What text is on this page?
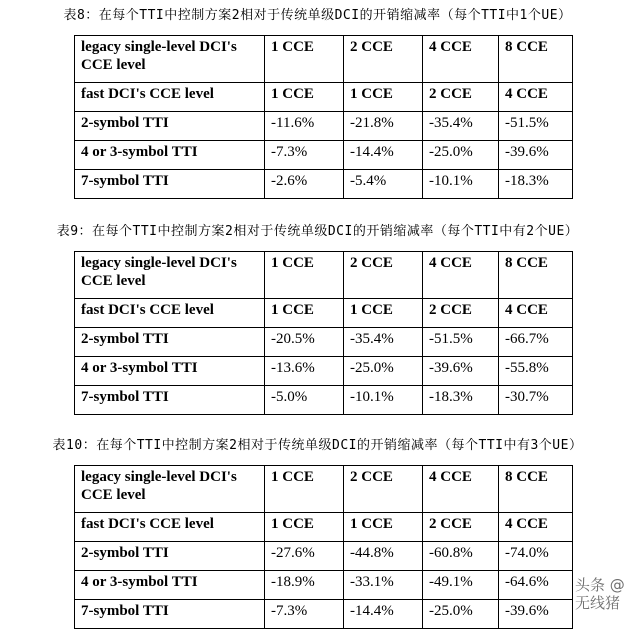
表8：在每个TTI中控制方案2相对于传统单级DCI的开销缩减率（每个TTI中1个UE）
legacy single-level DCI's CCE level	1 CCE	2 CCE	4 CCE	8 CCE
fast DCI's CCE level	1 CCE	1 CCE	2 CCE	4 CCE
2-symbol TTI	-11.6%	-21.8%	-35.4%	-51.5%
4 or 3-symbol TTI	-7.3%	-14.4%	-25.0%	-39.6%
7-symbol TTI	-2.6%	-5.4%	-10.1%	-18.3%
表9：在每个TTI中控制方案2相对于传统单级DCI的开销缩减率（每个TTI中有2个UE）
legacy single-level DCI's CCE level	1 CCE	2 CCE	4 CCE	8 CCE
fast DCI's CCE level	1 CCE	1 CCE	2 CCE	4 CCE
2-symbol TTI	-20.5%	-35.4%	-51.5%	-66.7%
4 or 3-symbol TTI	-13.6%	-25.0%	-39.6%	-55.8%
7-symbol TTI	-5.0%	-10.1%	-18.3%	-30.7%
表10：在每个TTI中控制方案2相对于传统单级DCI的开销缩减率（每个TTI中有3个UE）
legacy single-level DCI's CCE level	1 CCE	2 CCE	4 CCE	8 CCE
fast DCI's CCE level	1 CCE	1 CCE	2 CCE	4 CCE
2-symbol TTI	-27.6%	-44.8%	-60.8%	-74.0%
4 or 3-symbol TTI	-18.9%	-33.1%	-49.1%	-64.6%
7-symbol TTI	-7.3%	-14.4%	-25.0%	-39.6%
头条 @无线猪
